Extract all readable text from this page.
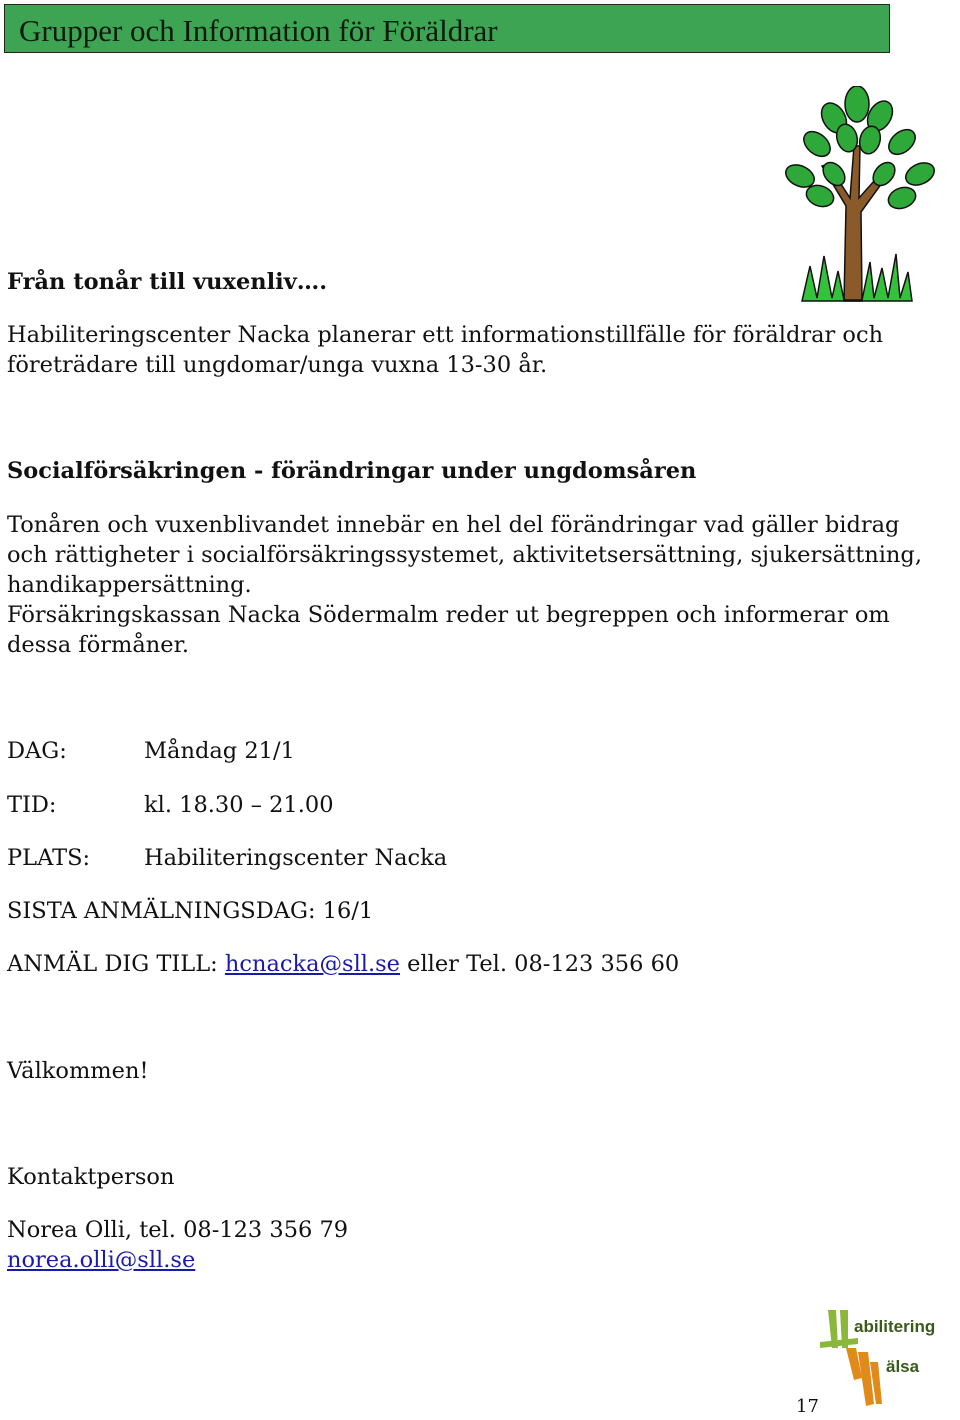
Grupper och Information för Föräldrar
Från tonår till vuxenliv….
Habiliteringscenter Nacka planerar ett informationstillfälle för föräldrar och
företrädare till ungdomar/unga vuxna 13-30 år.
Socialförsäkringen - förändringar under ungdomsåren
Tonåren och vuxenblivandet innebär en hel del förändringar vad gäller bidrag
och rättigheter i socialförsäkringssystemet, aktivitetsersättning, sjukersättning,
handikappersättning.
Försäkringskassan Nacka Södermalm reder ut begreppen och informerar om
dessa förmåner.
DAG:	Måndag 21/1
TID:	kl. 18.30 – 21.00
PLATS: Habiliteringscenter Nacka
SISTA ANMÄLNINGSDAG: 16/1
ANMÄL DIG TILL: hcnacka@sll.se eller Tel. 08-123 356 60
Välkommen!
Kontaktperson
Norea Olli, tel. 08-123 356 79
norea.olli@sll.se
abilitering
älsa
17
